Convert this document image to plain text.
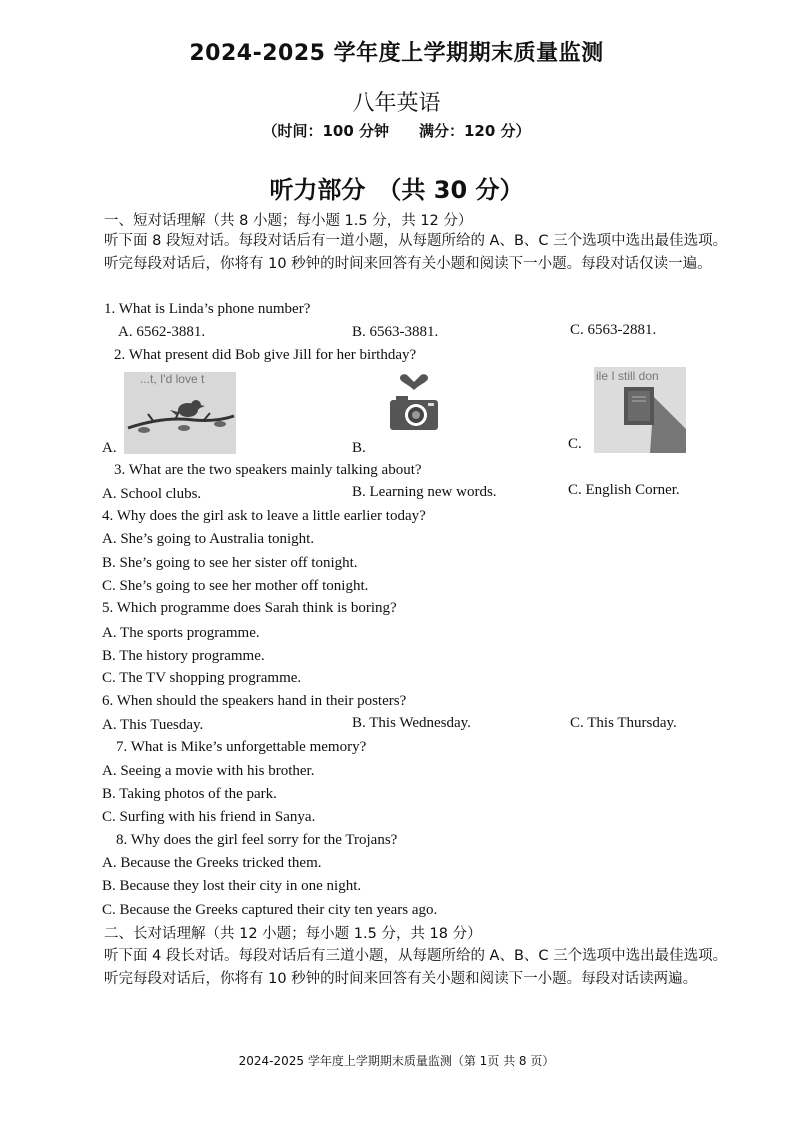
2024-2025 学年度上学期期末质量监测
八年英语
（时间：100 分钟　　满分：120 分）
听力部分　（共 30 分）
一、短对话理解（共 8 小题；每小题 1.5 分，共 12 分）
听下面 8 段短对话。每段对话后有一道小题，从每题所给的 A、B、C 三个选项中选出最佳选项。听完每段对话后，你将有 10 秒钟的时间来回答有关小题和阅读下一小题。每段对话仅读一遍。
1. What is Linda’s phone number?
A. 6562-3881.	B. 6563-3881.	C. 6563-2881.
2. What present did Bob give Jill for her birthday?
...t, I'd love t
A.	B.
ile I still don
C.
3. What are the two speakers mainly talking about?
A. School clubs.	B. Learning new words.	C. English Corner.
4. Why does the girl ask to leave a little earlier today?
A. She’s going to Australia tonight.
B. She’s going to see her sister off tonight.
C. She’s going to see her mother off tonight.
5. Which programme does Sarah think is boring?
A. The sports programme.
B. The history programme.
C. The TV shopping programme.
6. When should the speakers hand in their posters?
A. This Tuesday.	B. This Wednesday.	C. This Thursday.
7. What is Mike’s unforgettable memory?
A. Seeing a movie with his brother.
B. Taking photos of the park.
C. Surfing with his friend in Sanya.
8. Why does the girl feel sorry for the Trojans?
A. Because the Greeks tricked them.
B. Because they lost their city in one night.
C. Because the Greeks captured their city ten years ago.
二、长对话理解（共 12 小题；每小题 1.5 分，共 18 分）
听下面 4 段长对话。每段对话后有三道小题，从每题所给的 A、B、C 三个选项中选出最佳选项。听完每段对话后，你将有 10 秒钟的时间来回答有关小题和阅读下一小题。每段对话读两遍。
2024-2025 学年度上学期期末质量监测（第 1页 共 8 页）
